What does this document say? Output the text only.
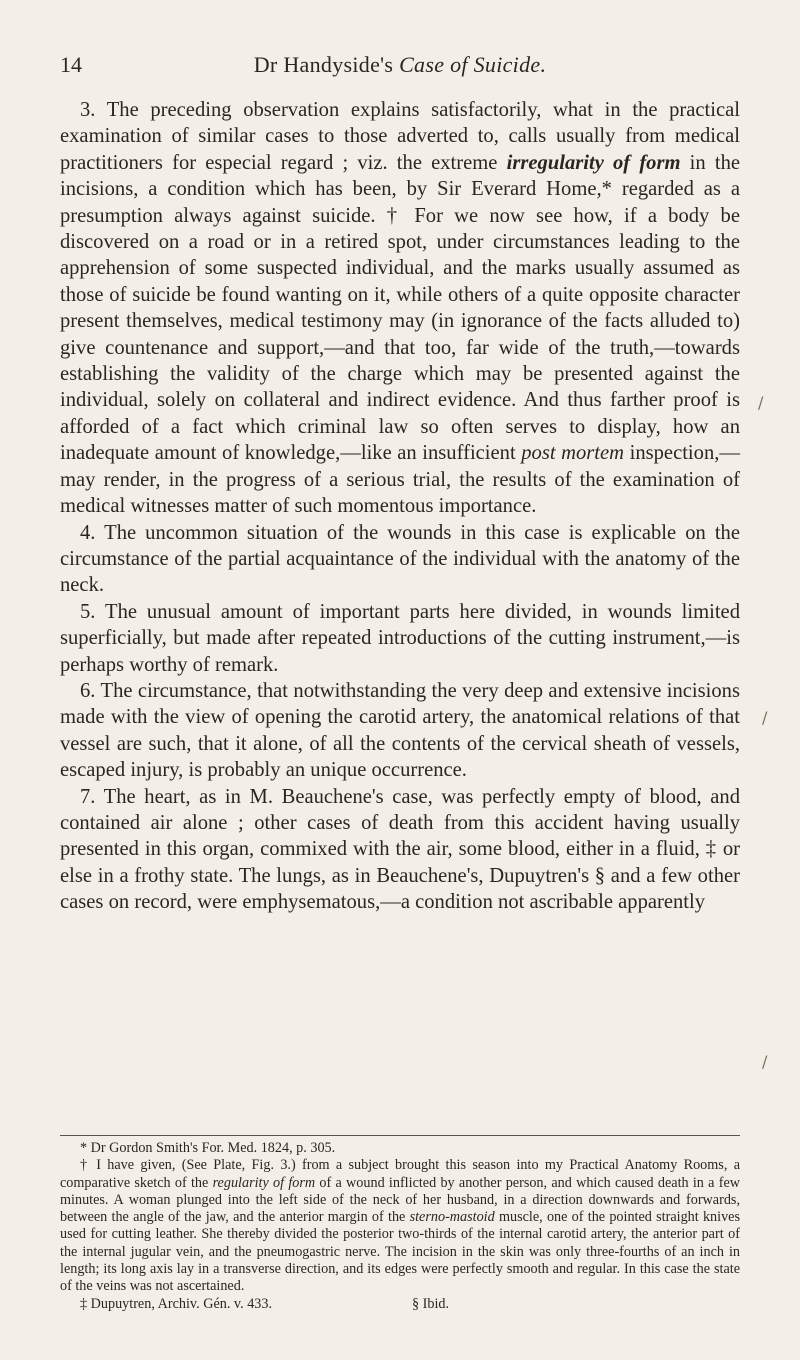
14	Dr Handyside's Case of Suicide.

3. The preceding observation explains satisfactorily, what in the practical examination of similar cases to those adverted to, calls usually from medical practitioners for especial regard ; viz. the extreme irregularity of form in the incisions, a condition which has been, by Sir Everard Home,* regarded as a presumption always against suicide. † For we now see how, if a body be discovered on a road or in a retired spot, under circumstances leading to the apprehension of some suspected individual, and the marks usually assumed as those of suicide be found wanting on it, while others of a quite opposite character present themselves, medical testimony may (in ignorance of the facts alluded to) give countenance and support,—and that too, far wide of the truth,—towards establishing the validity of the charge which may be presented against the individual, solely on collateral and indirect evidence. And thus farther proof is afforded of a fact which criminal law so often serves to display, how an inadequate amount of knowledge,—like an insufficient post mortem inspection,—may render, in the progress of a serious trial, the results of the examination of medical witnesses matter of such momentous importance.

4. The uncommon situation of the wounds in this case is explicable on the circumstance of the partial acquaintance of the individual with the anatomy of the neck.

5. The unusual amount of important parts here divided, in wounds limited superficially, but made after repeated introductions of the cutting instrument,—is perhaps worthy of remark.

6. The circumstance, that notwithstanding the very deep and extensive incisions made with the view of opening the carotid artery, the anatomical relations of that vessel are such, that it alone, of all the contents of the cervical sheath of vessels, escaped injury, is probably an unique occurrence.

7. The heart, as in M. Beauchene's case, was perfectly empty of blood, and contained air alone ; other cases of death from this accident having usually presented in this organ, commixed with the air, some blood, either in a fluid, ‡ or else in a frothy state. The lungs, as in Beauchene's, Dupuytren's § and a few other cases on record, were emphysematous,—a condition not ascribable apparently

* Dr Gordon Smith's For. Med. 1824, p. 305.

† I have given, (See Plate, Fig. 3.) from a subject brought this season into my Practical Anatomy Rooms, a comparative sketch of the regularity of form of a wound inflicted by another person, and which caused death in a few minutes. A woman plunged into the left side of the neck of her husband, in a direction downwards and forwards, between the angle of the jaw, and the anterior margin of the sterno-mastoid muscle, one of the pointed straight knives used for cutting leather. She thereby divided the posterior two-thirds of the internal carotid artery, the anterior part of the internal jugular vein, and the pneumogastric nerve. The incision in the skin was only three-fourths of an inch in length; its long axis lay in a transverse direction, and its edges were perfectly smooth and regular. In this case the state of the veins was not ascertained.

‡ Dupuytren, Archiv. Gén. v. 433.	§ Ibid.

/
/
/
